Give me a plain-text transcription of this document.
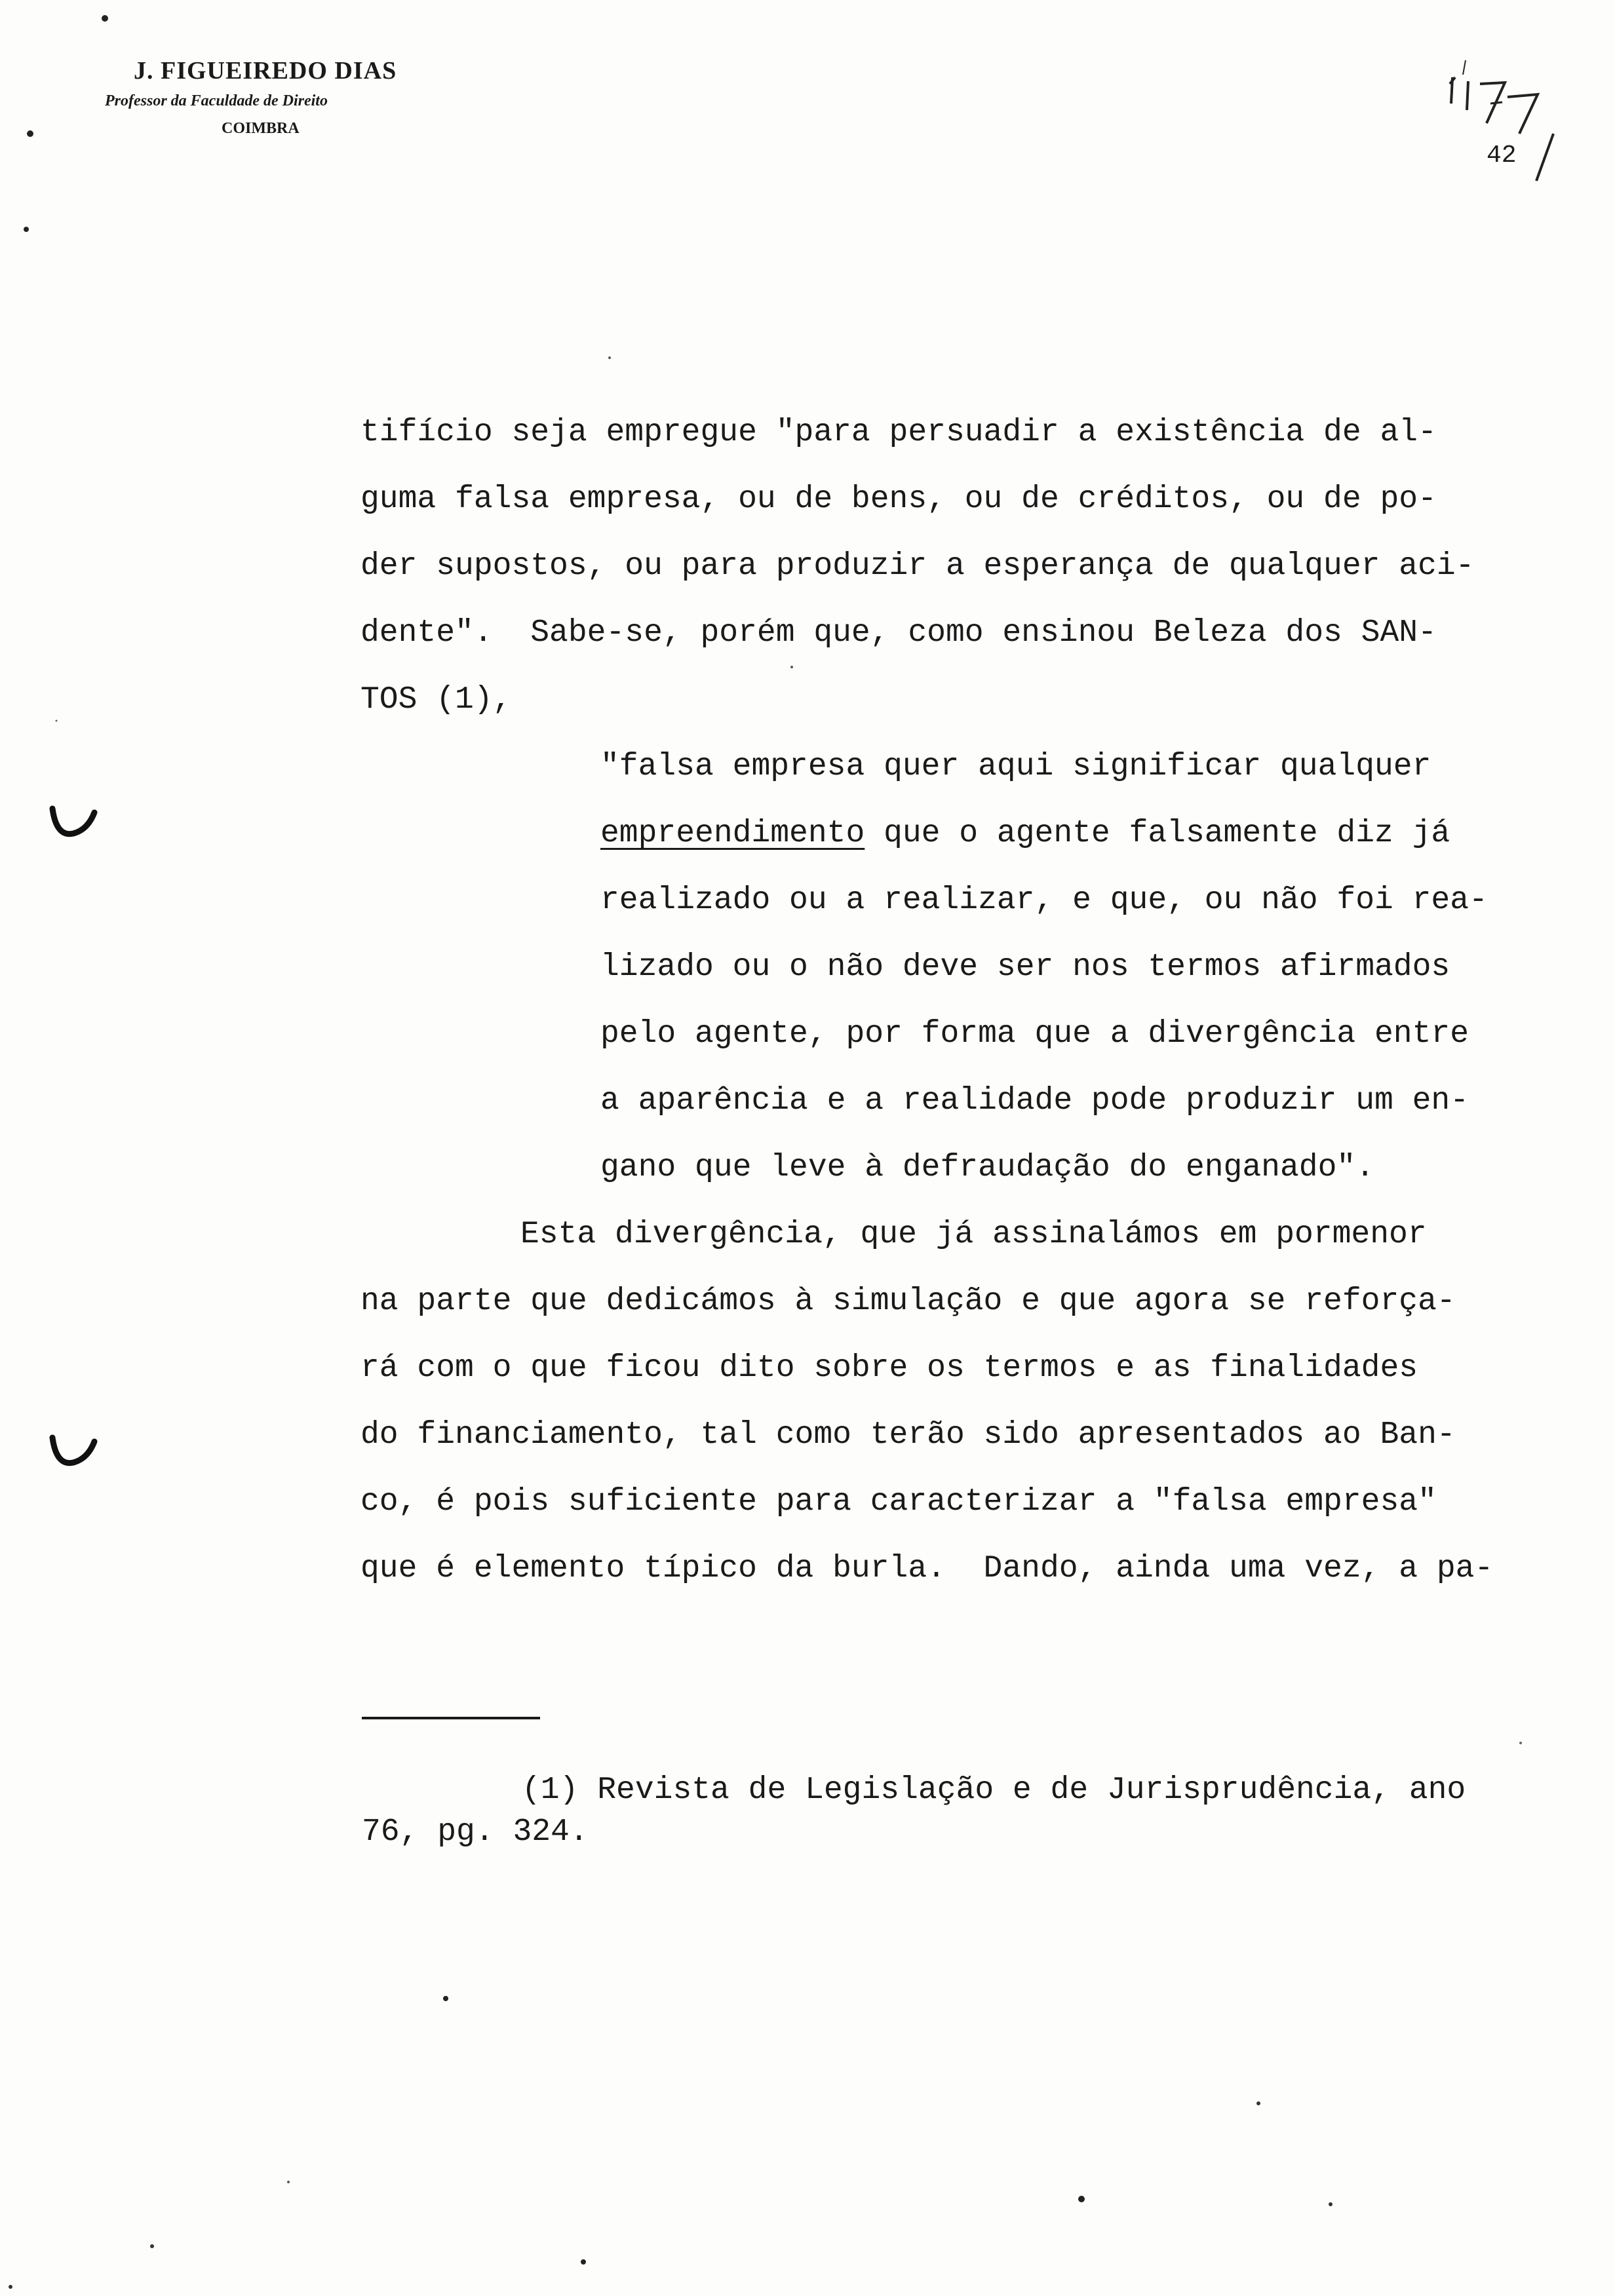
J. FIGUEIREDO DIAS
Professor da Faculdade de Direito
COIMBRA
42
tifício seja empregue "para persuadir a existência de al-
guma falsa empresa, ou de bens, ou de créditos, ou de po-
der supostos, ou para produzir a esperança de qualquer aci-
dente".  Sabe-se, porém que, como ensinou Beleza dos SAN-
TOS (1),
"falsa empresa quer aqui significar qualquer
empreendimento que o agente falsamente diz já
realizado ou a realizar, e que, ou não foi rea-
lizado ou o não deve ser nos termos afirmados
pelo agente, por forma que a divergência entre
a aparência e a realidade pode produzir um en-
gano que leve à defraudação do enganado".
Esta divergência, que já assinalámos em pormenor
na parte que dedicámos à simulação e que agora se reforça-
rá com o que ficou dito sobre os termos e as finalidades
do financiamento, tal como terão sido apresentados ao Ban-
co, é pois suficiente para caracterizar a "falsa empresa"
que é elemento típico da burla.  Dando, ainda uma vez, a pa-
(1) Revista de Legislação e de Jurisprudência, ano
76, pg. 324.
